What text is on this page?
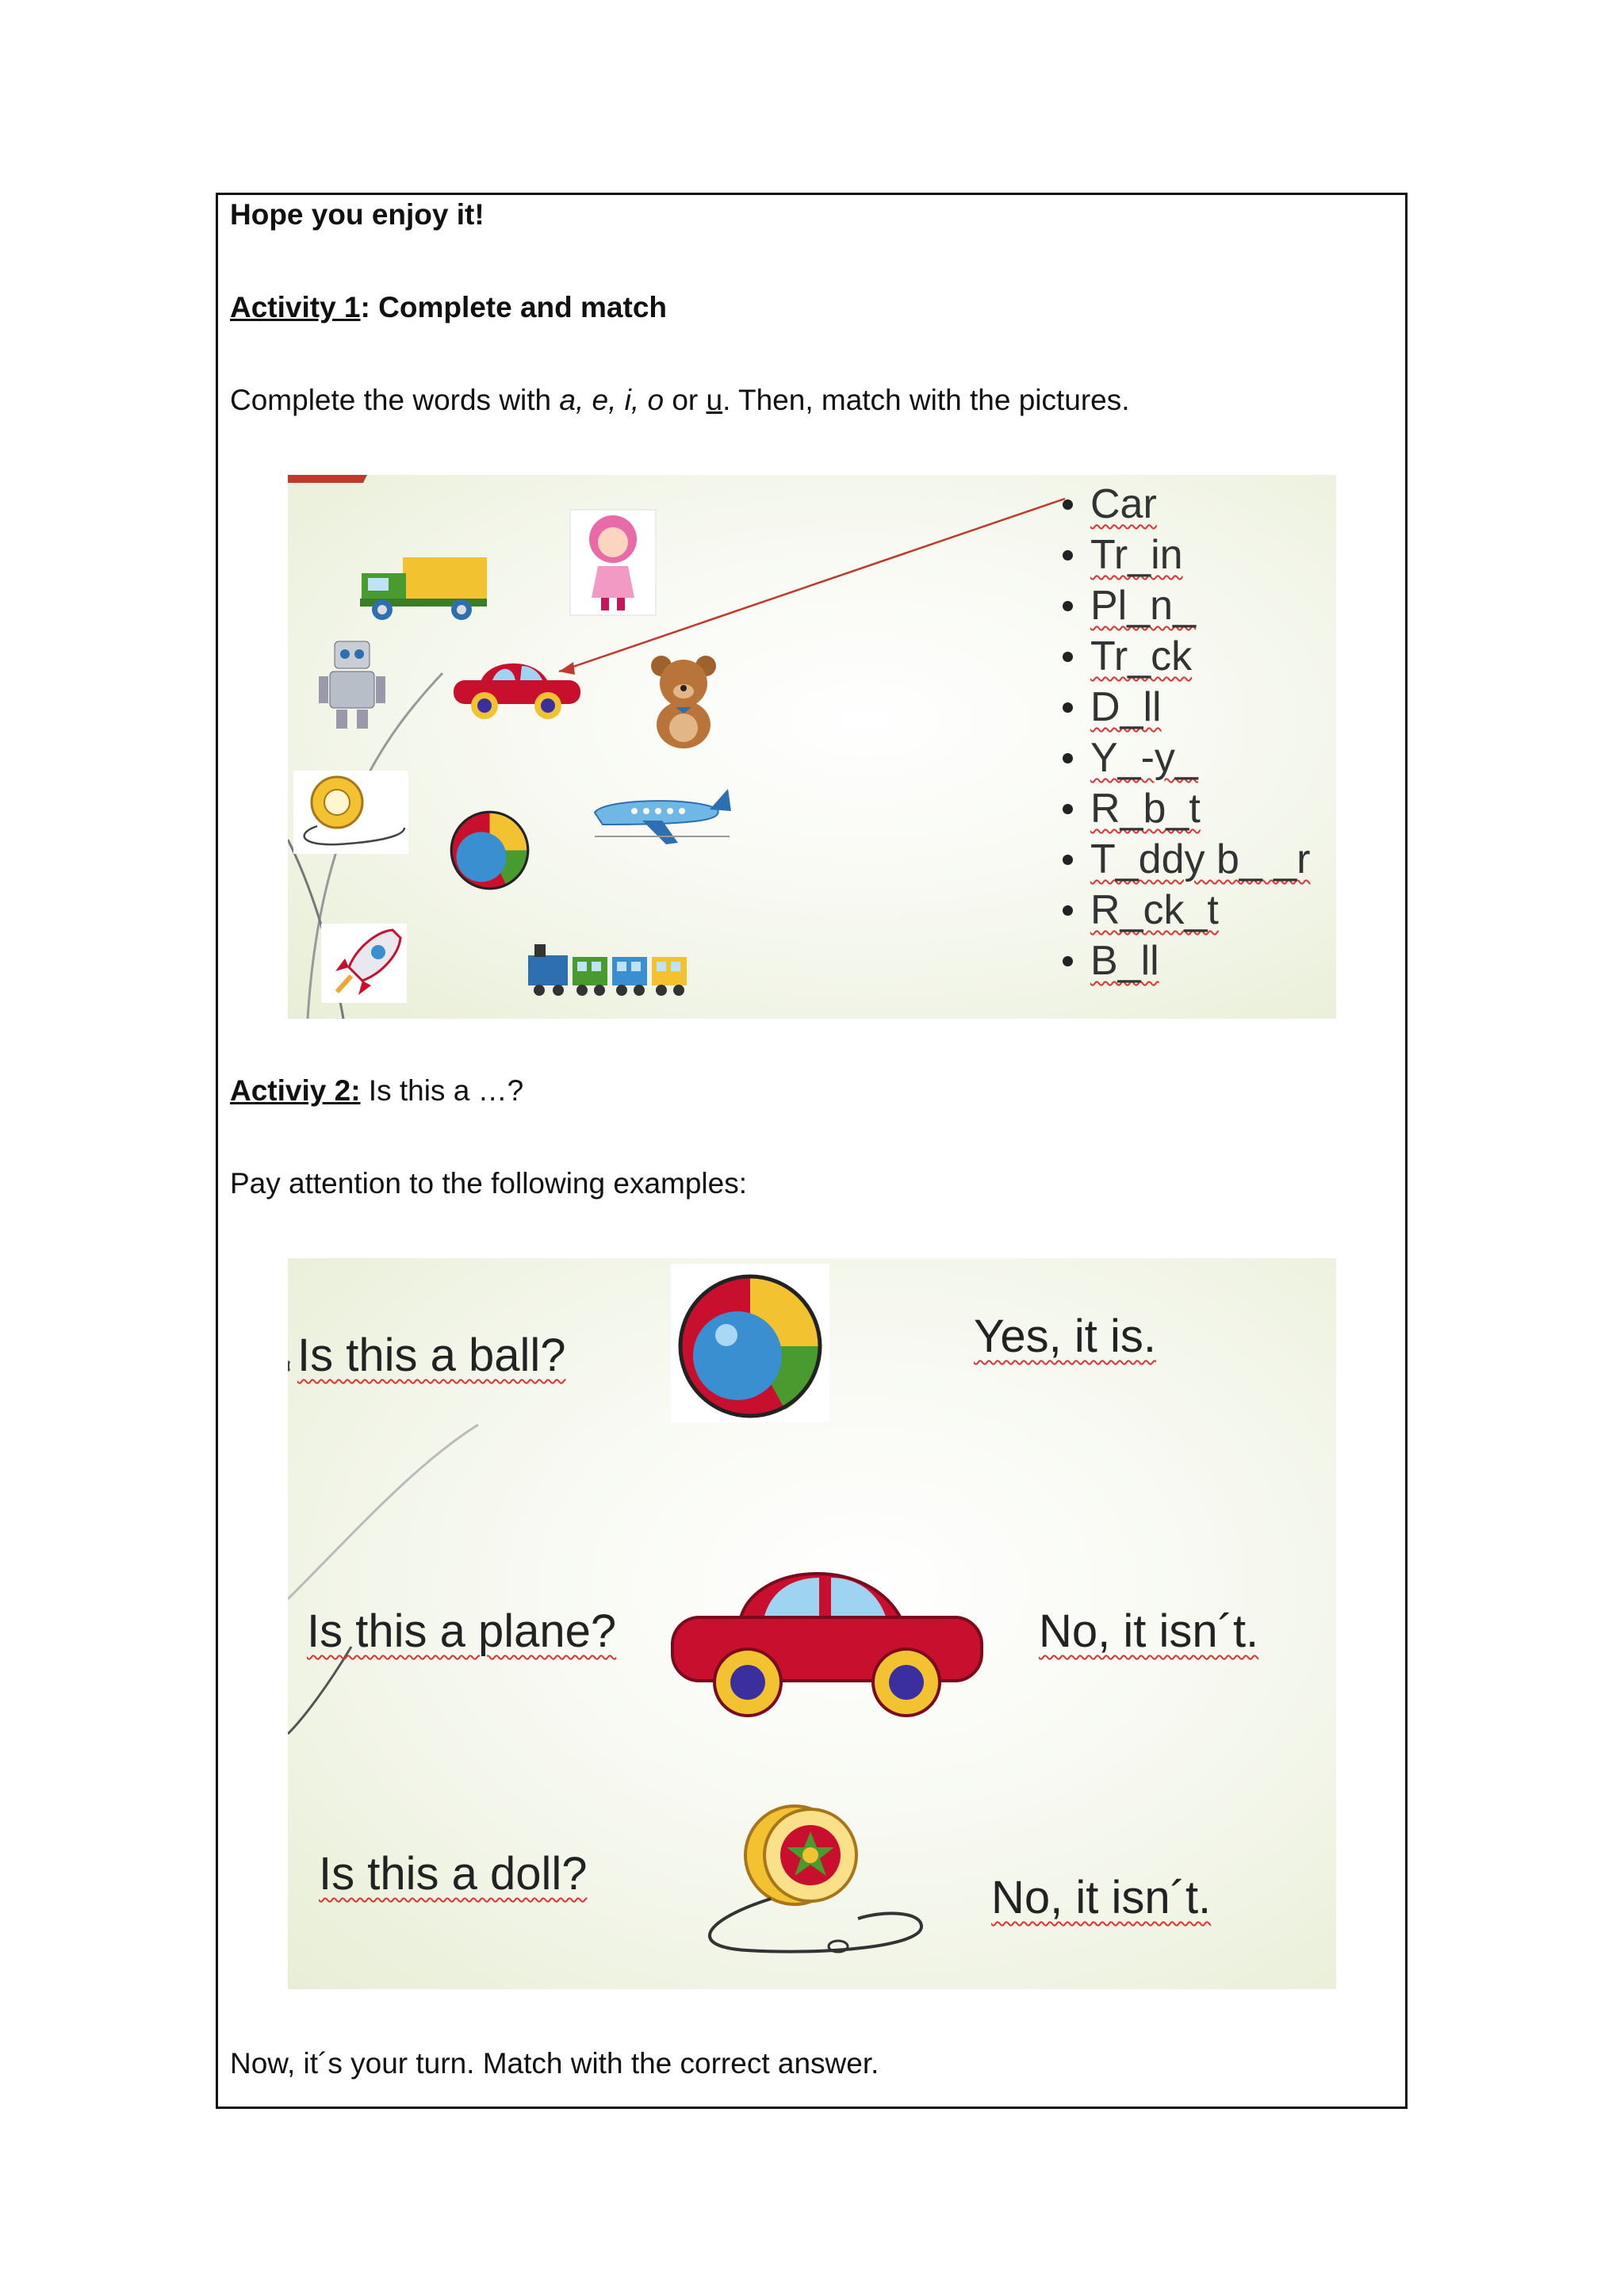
Hope you enjoy it!
Activity 1: Complete and match
Complete the words with a, e, i, o or u. Then, match with the pictures.
Car
Tr_in
Pl_n_
Tr_ck
D_ll
Y_-y_
R_b_t
T_ddy b_ _r
R_ck_t
B_ll
Activiy 2: Is this a …?
Pay attention to the following examples:
Is this a ball?	Yes, it is.
Is this a plane?	No, it isn´t.
Is this a doll?	No, it isn´t.
Now, it´s your turn. Match with the correct answer.
